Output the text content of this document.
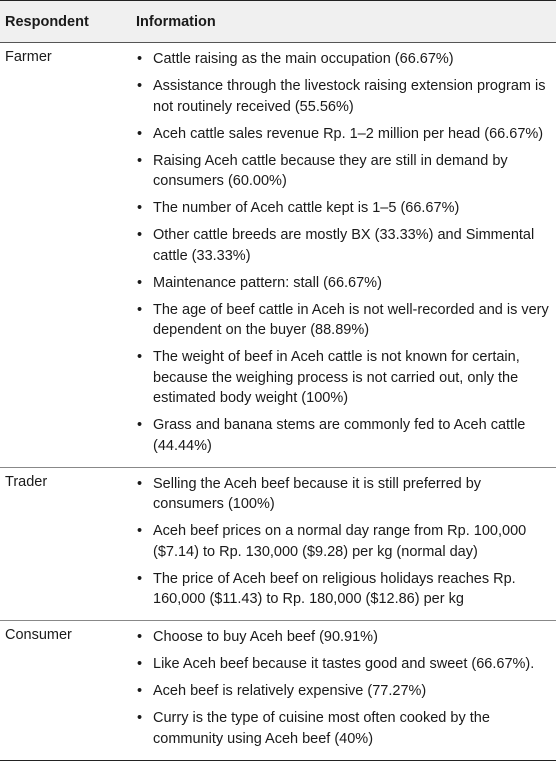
Respondent	Information
Farmer	• Cattle raising as the main occupation (66.67%)
• Assistance through the livestock raising extension program is not routinely received (55.56%)
• Aceh cattle sales revenue Rp. 1–2 million per head (66.67%)
• Raising Aceh cattle because they are still in demand by consumers (60.00%)
• The number of Aceh cattle kept is 1–5 (66.67%)
• Other cattle breeds are mostly BX (33.33%) and Simmental cattle (33.33%)
• Maintenance pattern: stall (66.67%)
• The age of beef cattle in Aceh is not well-recorded and is very dependent on the buyer (88.89%)
• The weight of beef in Aceh cattle is not known for certain, because the weighing process is not carried out, only the estimated body weight (100%)
• Grass and banana stems are commonly fed to Aceh cattle (44.44%)
Trader	• Selling the Aceh beef because it is still preferred by consumers (100%)
• Aceh beef prices on a normal day range from Rp. 100,000 ($7.14) to Rp. 130,000 ($9.28) per kg (normal day)
• The price of Aceh beef on religious holidays reaches Rp. 160,000 ($11.43) to Rp. 180,000 ($12.86) per kg
Consumer	• Choose to buy Aceh beef (90.91%)
• Like Aceh beef because it tastes good and sweet (66.67%).
• Aceh beef is relatively expensive (77.27%)
• Curry is the type of cuisine most often cooked by the community using Aceh beef (40%)
